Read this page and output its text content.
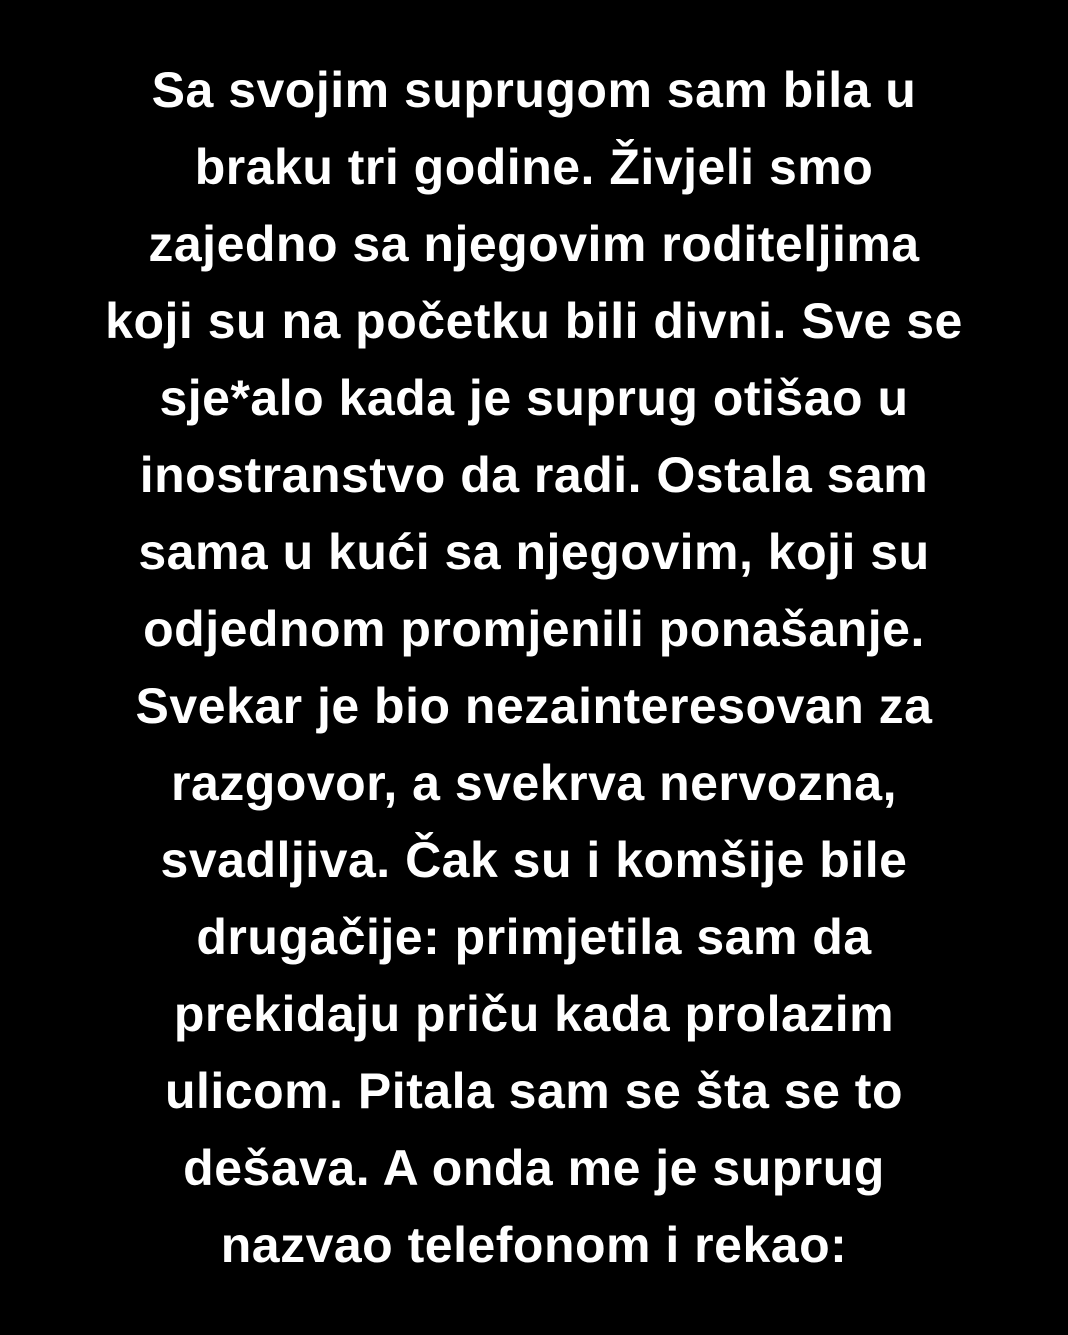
Sa svojim suprugom sam bila u
braku tri godine. Živjeli smo
zajedno sa njegovim roditeljima
koji su na početku bili divni. Sve se
sje*alo kada je suprug otišao u
inostranstvo da radi. Ostala sam
sama u kući sa njegovim, koji su
odjednom promjenili ponašanje.
Svekar je bio nezainteresovan za
razgovor, a svekrva nervozna,
svadljiva. Čak su i komšije bile
drugačije: primjetila sam da
prekidaju priču kada prolazim
ulicom. Pitala sam se šta se to
dešava. A onda me je suprug
nazvao telefonom i rekao:
